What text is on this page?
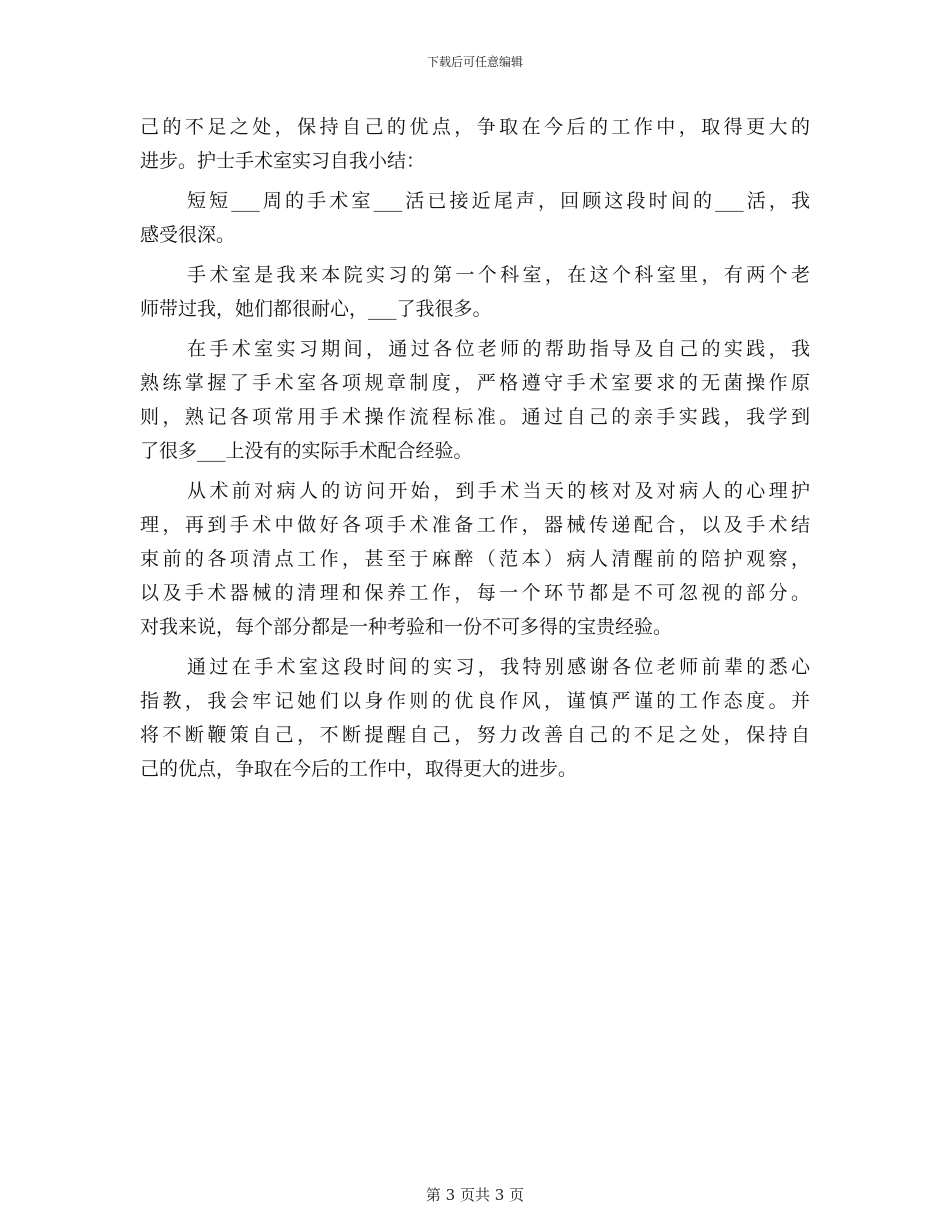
下载后可任意编辑
己的不足之处，保持自己的优点，争取在今后的工作中，取得更大的
进步。护士手术室实习自我小结：
短短___周的手术室___活已接近尾声，回顾这段时间的___活，我
感受很深。
手术室是我来本院实习的第一个科室，在这个科室里，有两个老
师带过我，她们都很耐心，___了我很多。
在手术室实习期间，通过各位老师的帮助指导及自己的实践，我
熟练掌握了手术室各项规章制度，严格遵守手术室要求的无菌操作原
则，熟记各项常用手术操作流程标准。通过自己的亲手实践，我学到
了很多___上没有的实际手术配合经验。
从术前对病人的访问开始，到手术当天的核对及对病人的心理护
理，再到手术中做好各项手术准备工作，器械传递配合，以及手术结
束前的各项清点工作，甚至于麻醉（范本）病人清醒前的陪护观察，
以及手术器械的清理和保养工作，每一个环节都是不可忽视的部分。
对我来说，每个部分都是一种考验和一份不可多得的宝贵经验。
通过在手术室这段时间的实习，我特别感谢各位老师前辈的悉心
指教，我会牢记她们以身作则的优良作风，谨慎严谨的工作态度。并
将不断鞭策自己，不断提醒自己，努力改善自己的不足之处，保持自
己的优点，争取在今后的工作中，取得更大的进步。
第 3 页共 3 页
